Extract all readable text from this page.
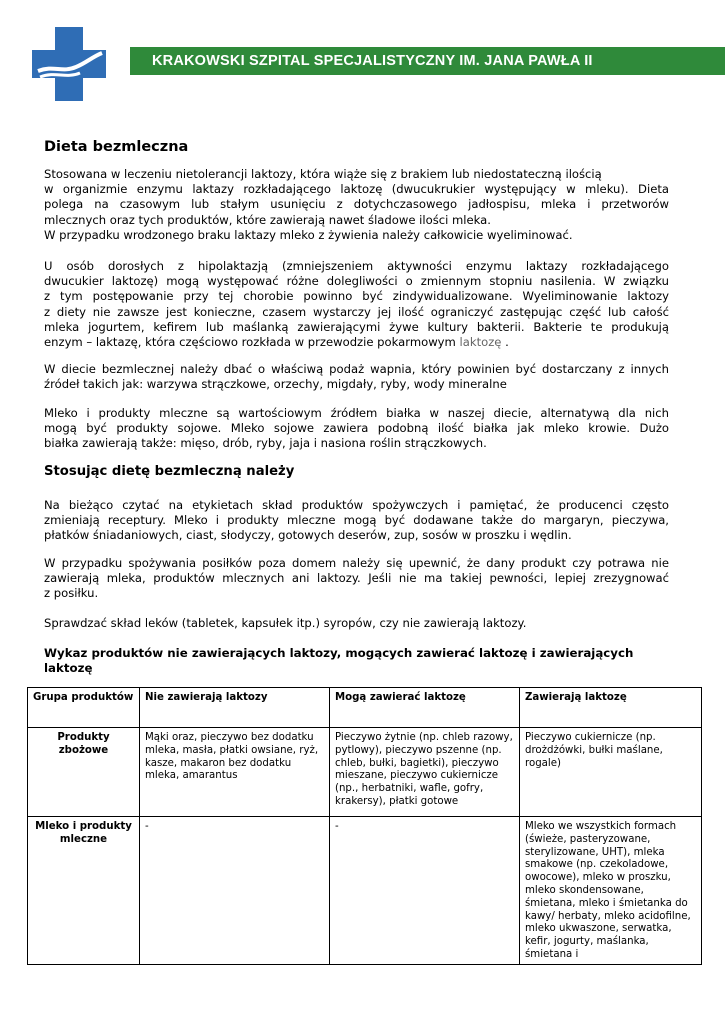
KRAKOWSKI SZPITAL SPECJALISTYCZNY IM. JANA PAWŁA II
Dieta bezmleczna
Stosowana w leczeniu nietolerancji laktozy, która wiąże się z brakiem lub niedostateczną ilością
w organizmie enzymu laktazy rozkładającego laktozę (dwucukrukier występujący w mleku). Dieta
polega na czasowym lub stałym usunięciu z dotychczasowego jadłospisu, mleka i przetworów
mlecznych oraz tych produktów, które zawierają nawet śladowe ilości mleka.
W przypadku wrodzonego braku laktazy mleko z żywienia należy całkowicie wyeliminować.
U osób dorosłych z hipolaktazją (zmniejszeniem aktywności enzymu laktazy rozkładającego
dwucukier laktozę) mogą występować różne dolegliwości o zmiennym stopniu nasilenia. W związku
z tym postępowanie przy tej chorobie powinno być zindywidualizowane. Wyeliminowanie laktozy
z diety nie zawsze jest konieczne, czasem wystarczy jej ilość ograniczyć zastępując część lub całość
mleka jogurtem, kefirem lub maślanką zawierającymi żywe kultury bakterii. Bakterie te produkują
enzym – laktazę, która częściowo rozkłada w przewodzie pokarmowym laktozę .
W diecie bezmlecznej należy dbać o właściwą podaż wapnia, który powinien być dostarczany z innych
źródeł takich jak: warzywa strączkowe, orzechy, migdały, ryby, wody mineralne
Mleko i produkty mleczne są wartościowym źródłem białka w naszej diecie, alternatywą dla nich
mogą być produkty sojowe. Mleko sojowe zawiera podobną ilość białka jak mleko krowie. Dużo
białka zawierają także: mięso, drób, ryby, jaja i nasiona roślin strączkowych.
Stosując dietę bezmleczną należy
Na bieżąco czytać na etykietach skład produktów spożywczych i pamiętać, że producenci często
zmieniają receptury. Mleko i produkty mleczne mogą być dodawane także do margaryn, pieczywa,
płatków śniadaniowych, ciast, słodyczy, gotowych deserów, zup, sosów w proszku i wędlin.
W przypadku spożywania posiłków poza domem należy się upewnić, że dany produkt czy potrawa nie
zawierają mleka, produktów mlecznych ani laktozy. Jeśli nie ma takiej pewności, lepiej zrezygnować
z posiłku.
Sprawdzać skład leków (tabletek, kapsułek itp.) syropów, czy nie zawierają laktozy.
Wykaz produktów nie zawierających laktozy, mogących zawierać laktozę i zawierających laktozę
Grupa produktów	Nie zawierają laktozy	Mogą zawierać laktozę	Zawierają laktozę
Produkty zbożowe	Mąki oraz, pieczywo bez dodatku mleka, masła, płatki owsiane, ryż, kasze, makaron bez dodatku mleka, amarantus	Pieczywo żytnie (np. chleb razowy, pytlowy), pieczywo pszenne (np. chleb, bułki, bagietki), pieczywo mieszane, pieczywo cukiernicze (np., herbatniki, wafle, gofry, krakersy), płatki gotowe	Pieczywo cukiernicze (np. drożdżówki, bułki maślane, rogale)
Mleko i produkty mleczne	-	-	Mleko we wszystkich formach (świeże, pasteryzowane, sterylizowane, UHT), mleka smakowe (np. czekoladowe, owocowe), mleko w proszku, mleko skondensowane, śmietana, mleko i śmietanka do kawy/ herbaty, mleko acidofilne, mleko ukwaszone, serwatka, kefir, jogurty, maślanka, śmietana i
